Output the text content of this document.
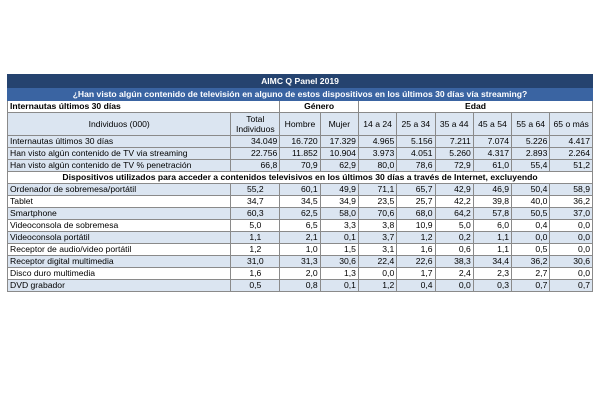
AIMC Q Panel 2019									
¿Han visto algún contenido de televisión en alguno de estos dispositivos en los últimos 30 días vía streaming?									
Internautas últimos 30 días		Género		Edad					
Individuos (000)	Total Individuos	Hombre	Mujer	14 a 24	25 a 34	35 a 44	45 a 54	55 a 64	65 o más
Internautas últimos 30 días	34.049	16.720	17.329	4.965	5.156	7.211	7.074	5.226	4.417
Han visto algún contenido de TV via streaming	22.756	11.852	10.904	3.973	4.051	5.260	4.317	2.893	2.264
Han visto algún contenido de TV % penetración	66,8	70,9	62,9	80,0	78,6	72,9	61,0	55,4	51,2
Dispositivos utilizados para acceder a contenidos televisivos en los últimos 30 días a través de Internet, excluyendo									
Ordenador de sobremesa/portátil	55,2	60,1	49,9	71,1	65,7	42,9	46,9	50,4	58,9
Tablet	34,7	34,5	34,9	23,5	25,7	42,2	39,8	40,0	36,2
Smartphone	60,3	62,5	58,0	70,6	68,0	64,2	57,8	50,5	37,0
Videoconsola de sobremesa	5,0	6,5	3,3	3,8	10,9	5,0	6,0	0,4	0,0
Videoconsola portátil	1,1	2,1	0,1	3,7	1,2	0,2	1,1	0,0	0,0
Receptor de audio/video portátil	1,2	1,0	1,5	3,1	1,6	0,6	1,1	0,5	0,0
Receptor digital multimedia	31,0	31,3	30,6	22,4	22,6	38,3	34,4	36,2	30,6
Disco duro multimedia	1,6	2,0	1,3	0,0	1,7	2,4	2,3	2,7	0,0
DVD grabador	0,5	0,8	0,1	1,2	0,4	0,0	0,3	0,7	0,7
